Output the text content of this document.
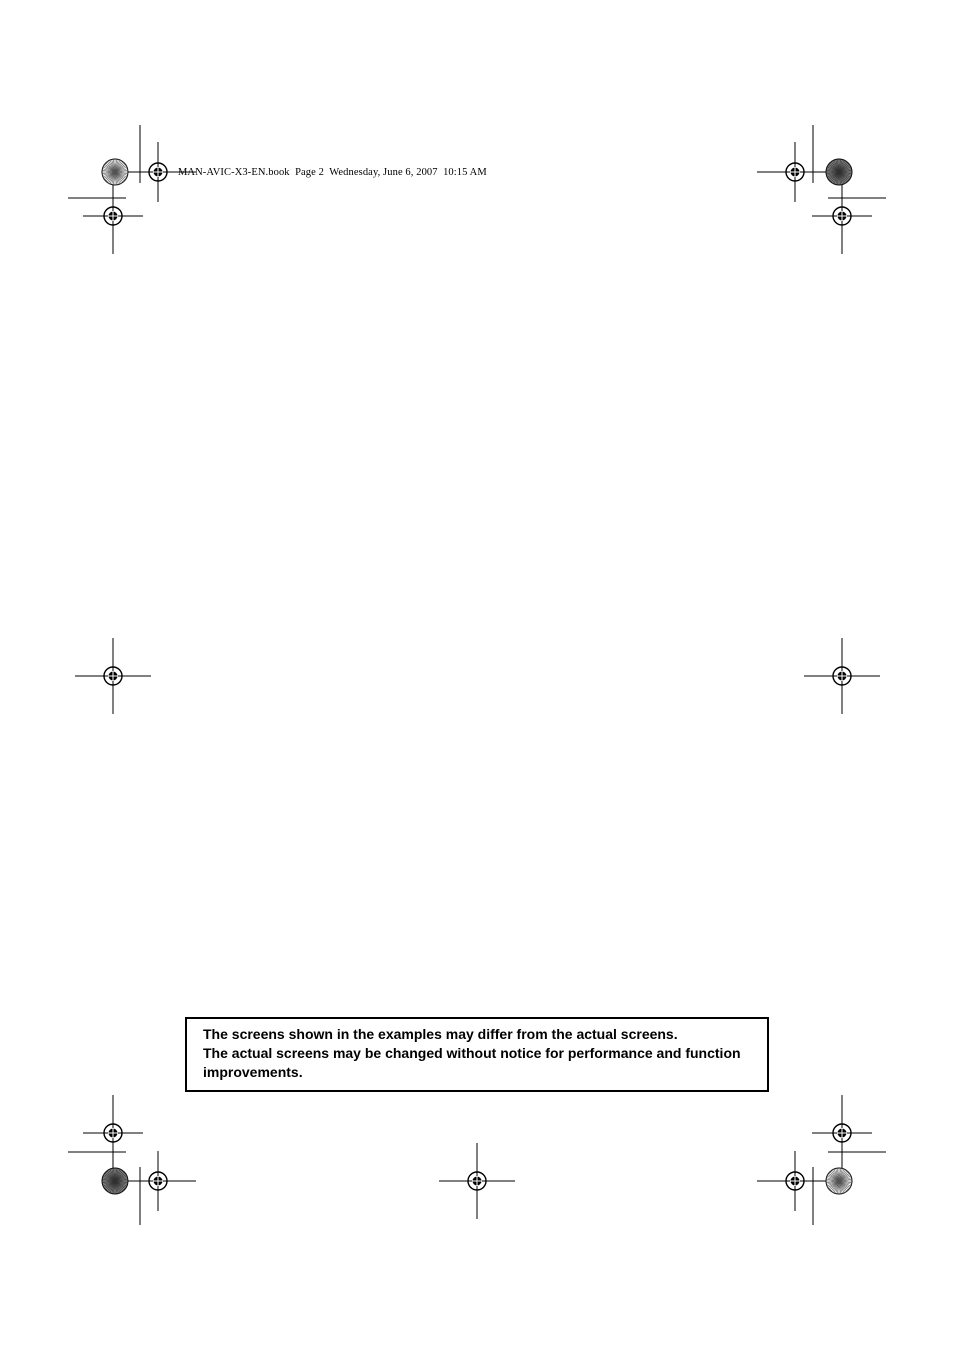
MAN-AVIC-X3-EN.book  Page 2  Wednesday, June 6, 2007  10:15 AM
The screens shown in the examples may differ from the actual screens.
The actual screens may be changed without notice for performance and function improvements.
